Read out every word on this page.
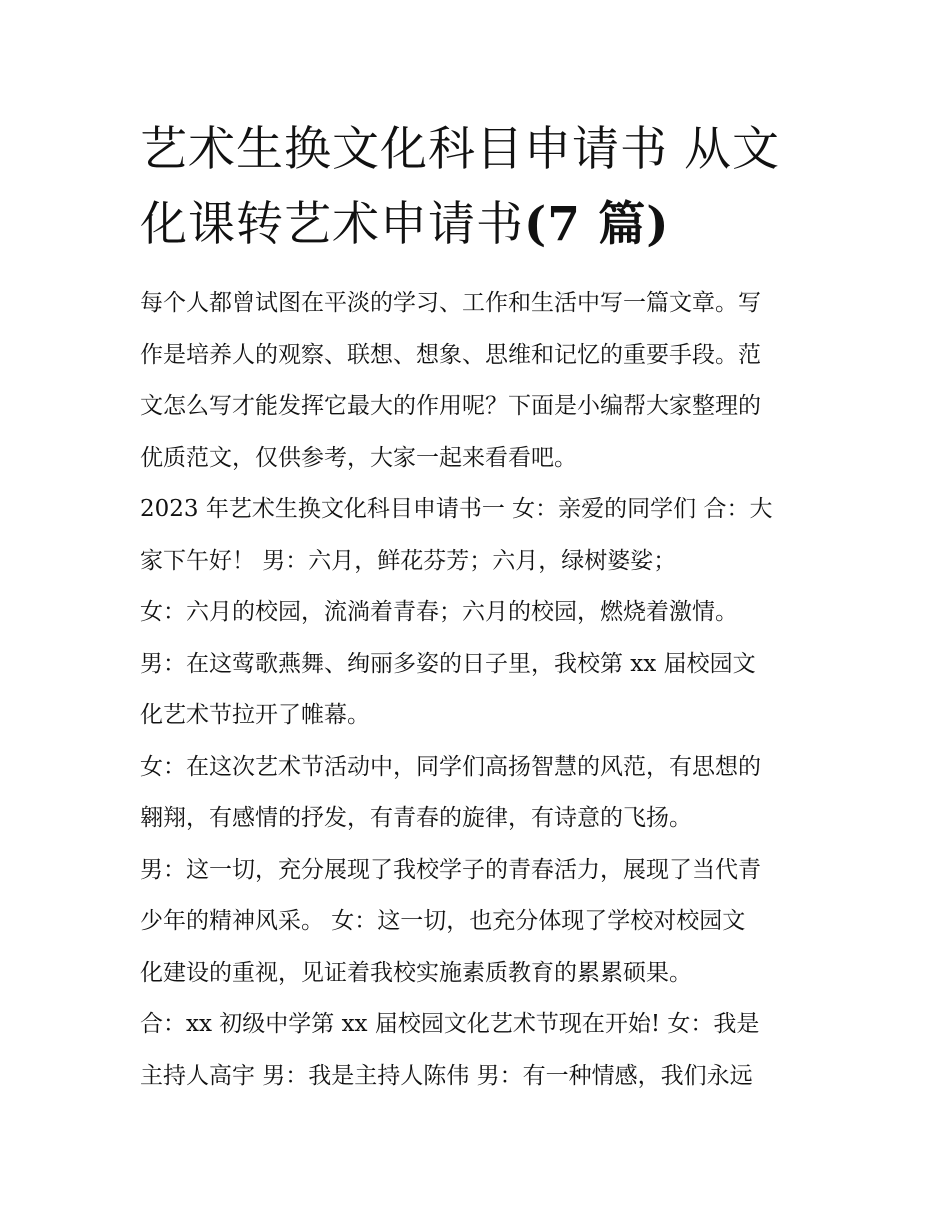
艺术生换文化科目申请书 从文
化课转艺术申请书(7 篇)
每个人都曾试图在平淡的学习、工作和生活中写一篇文章。写
作是培养人的观察、联想、想象、思维和记忆的重要手段。范
文怎么写才能发挥它最大的作用呢？下面是小编帮大家整理的
优质范文，仅供参考，大家一起来看看吧。
2023 年艺术生换文化科目申请书一 女：亲爱的同学们 合：大
家下午好！ 男：六月，鲜花芬芳；六月，绿树婆娑；
女：六月的校园，流淌着青春；六月的校园，燃烧着激情。
男：在这莺歌燕舞、绚丽多姿的日子里，我校第 xx 届校园文
化艺术节拉开了帷幕。
女：在这次艺术节活动中，同学们高扬智慧的风范，有思想的
翱翔，有感情的抒发，有青春的旋律，有诗意的飞扬。
男：这一切，充分展现了我校学子的青春活力，展现了当代青
少年的精神风采。 女：这一切，也充分体现了学校对校园文
化建设的重视，见证着我校实施素质教育的累累硕果。
合：xx 初级中学第 xx 届校园文化艺术节现在开始! 女：我是
主持人高宇 男：我是主持人陈伟 男：有一种情感，我们永远
